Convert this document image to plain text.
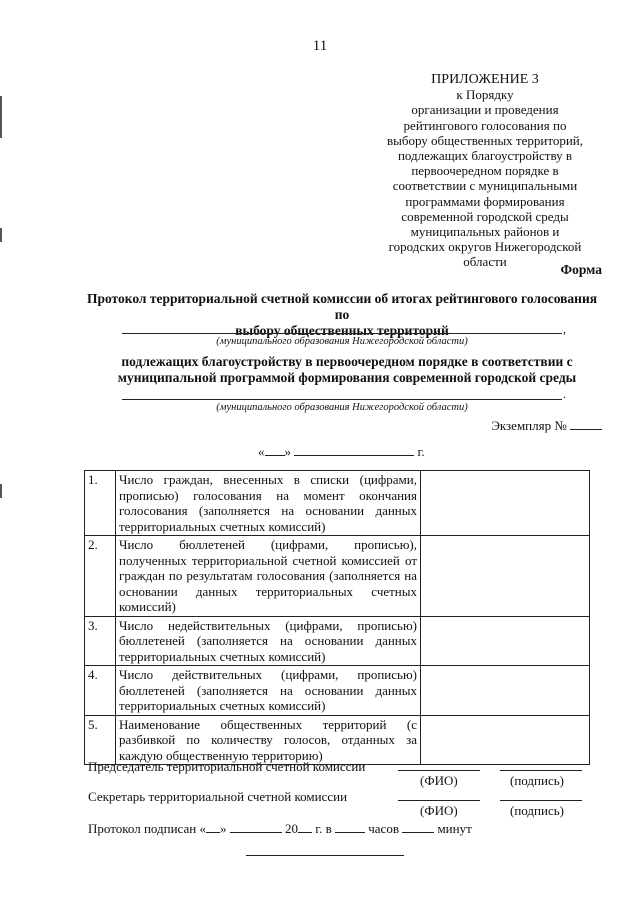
11
ПРИЛОЖЕНИЕ 3
к Порядку
организации и проведения
рейтингового голосования по
выбору общественных территорий,
подлежащих благоустройству в
первоочередном порядке в
соответствии с муниципальными
программами формирования
современной городской среды
муниципальных районов и
городских округов Нижегородской
области
Форма
Протокол территориальной счетной комиссии об итогах рейтингового голосования по
выбору общественных территорий	,
(муниципального образования Нижегородской области)
подлежащих благоустройству в первоочередном порядке в соответствии с
муниципальной программой формирования современной городской среды
.
(муниципального образования Нижегородской области)
Экземпляр №
« »	г.
1.	Число граждан, внесенных в списки (цифрами, прописью) голосования на момент окончания голосования (заполняется на основании данных территориальных счетных комиссий)	
2.	Число бюллетеней (цифрами, прописью), полученных территориальной счетной комиссией от граждан по результатам голосования (заполняется на основании данных территориальных счетных комиссий)	
3.	Число недействительных (цифрами, прописью) бюллетеней (заполняется на основании данных территориальных счетных комиссий)	
4.	Число действительных (цифрами, прописью) бюллетеней (заполняется на основании данных территориальных счетных комиссий)	
5.	Наименование общественных территорий (с разбивкой по количеству голосов, отданных за каждую общественную территорию)	
Председатель территориальной счетной комиссии
(ФИО)	(подпись)
Секретарь территориальной счетной комиссии
(ФИО)	(подпись)
Протокол подписан « »	20 г. в	часов	минут
